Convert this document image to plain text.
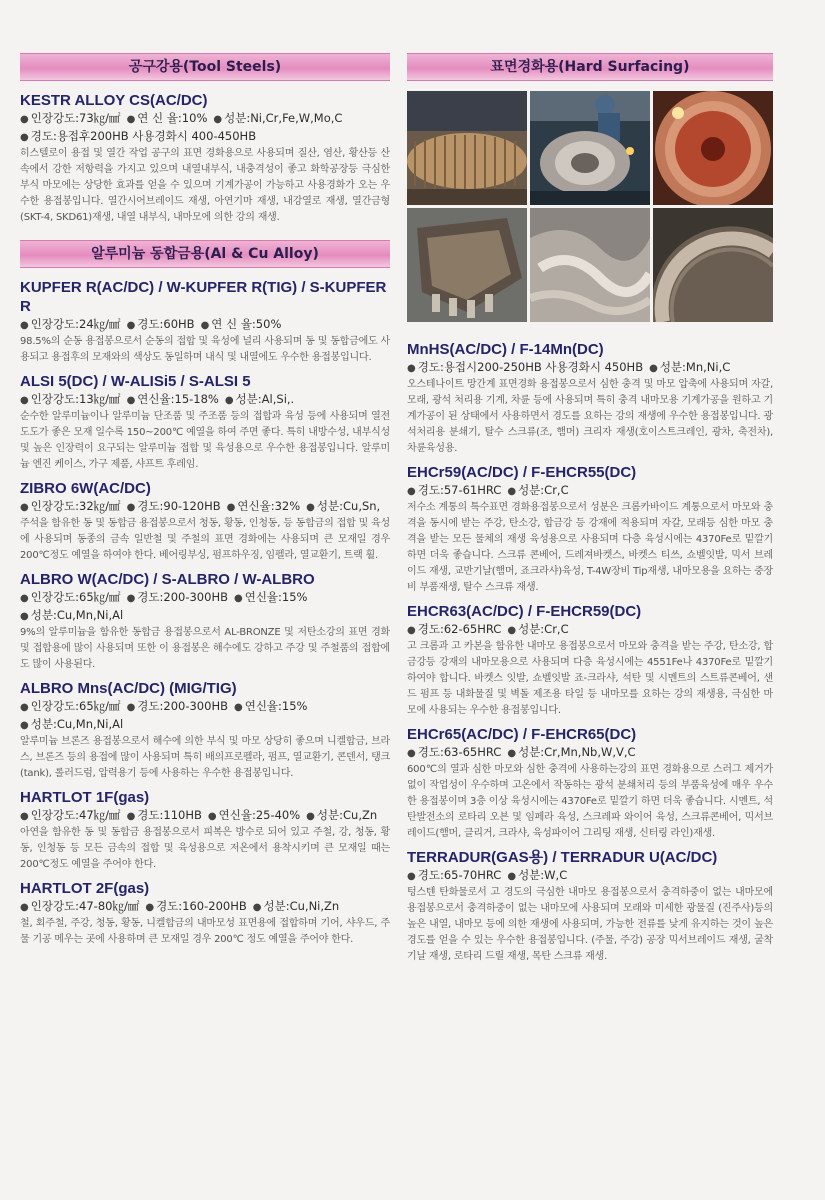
공구강용(Tool Steels)
KESTR ALLOY CS(AC/DC)
● 인장강도:73㎏/㎟ ● 연 신 율:10% ● 성분:Ni,Cr,Fe,W,Mo,C
● 경도:용접후200HB 사용경화시 400-450HB
히스텔로이 용접 및 열간 작업 공구의 표면 경화용으로 사용되며 질산, 염산, 황산등 산속에서 강한 저항력을 가지고 있으며 내열내부식, 내충격성이 좋고 화학공장등 극심한 부식 마모에는 상당한 효과를 얻을 수 있으며 기계가공이 가능하고 사용경화가 오는 우수한 용접봉입니다. 열간시어브레이드 재생, 아연기마 재생, 내강열로 재생, 열간금형(SKT-4, SKD61)재생, 내열 내부식, 내마모에 의한 강의 재생.
알루미늄 동합금용(Al & Cu Alloy)
KUPFER R(AC/DC) / W-KUPFER R(TIG) / S-KUPFER R
● 인장강도:24㎏/㎟ ● 경도:60HB ● 연 신 율:50%
98.5%의 순동 용접봉으로서 순동의 접합 및 육성에 널리 사용되며 동 및 동합금에도 사용되고 용접후의 모재와의 색상도 동일하며 내식 및 내열에도 우수한 용접봉입니다.
ALSI 5(DC) / W-ALISi5 / S-ALSI 5
● 인장강도:13㎏/㎟ ● 연신율:15-18% ● 성분:Al,Si,.
순수한 알루미늄이나 알루미늄 단조품 및 주조품 등의 접합과 육성 등에 사용되며 열전도도가 좋은 모재 일수록 150~200℃ 예열을 하여 주면 좋다. 특히 내방수성, 내부식성 및 높은 인장력이 요구되는 알루미늄 접합 및 육성용으로 우수한 용접봉입니다. 알루미늄 엔진 케이스, 가구 제품, 샤프트 후레임.
ZIBRO 6W(AC/DC)
● 인장강도:32㎏/㎟ ● 경도:90-120HB ● 연신율:32% ● 성분:Cu,Sn,
주석을 함유한 동 및 동합금 용접봉으로서 청동, 황동, 인청동, 등 동합금의 접합 및 육성에 사용되며 동종의 금속 일반철 및 주철의 표면 경화에는 사용되며 큰 모재일 경우 200℃정도 예열을 하여야 한다. 베어링부싱, 펌프하우징, 임펠라, 열교환기, 트랙 휠.
ALBRO W(AC/DC) / S-ALBRO / W-ALBRO
● 인장강도:65㎏/㎟ ● 경도:200-300HB ● 연신율:15%
● 성분:Cu,Mn,Ni,Al
9%의 알루미늄을 함유한 동합금 용접봉으로서 AL-BRONZE 및 저탄소강의 표면 경화 및 접합용에 많이 사용되며 또한 이 용접봉은 해수에도 강하고 주강 및 주철품의 접합에도 많이 사용된다.
ALBRO Mns(AC/DC) (MIG/TIG)
● 인장강도:65㎏/㎟ ● 경도:200-300HB ● 연신율:15%
● 성분:Cu,Mn,Ni,Al
알루미늄 브론즈 용접봉으로서 해수에 의한 부식 및 마모 상당히 좋으며 니켈합금, 브라스, 브론즈 등의 용접에 많이 사용되며 특히 배의프로펠라, 펌프, 열교환기, 콘덴서, 탱크(tank), 롤러드럼, 압력용기 등에 사용하는 우수한 용접봉입니다.
HARTLOT 1F(gas)
● 인장강도:47㎏/㎟ ● 경도:110HB ● 연신율:25-40% ● 성분:Cu,Zn
아연을 함유한 동 및 동합금 용접봉으로서 피복은 방수로 되어 있고 주철, 강, 청동, 황동, 인청동 등 모든 금속의 접합 및 육성용으로 저온에서 용착시키며 큰 모재일 때는 200℃정도 예열을 주어야 한다.
HARTLOT 2F(gas)
● 인장강도:47-80㎏/㎟ ● 경도:160-200HB ● 성분:Cu,Ni,Zn
철, 회주철, 주강, 청동, 황동, 니켈합금의 내마모성 표면용에 접합하며 기어, 샤우드, 주물 기공 메우는 곳에 사용하며 큰 모재일 경우 200℃ 정도 예열을 주어야 한다.
표면경화용(Hard Surfacing)
MnHS(AC/DC) / F-14Mn(DC)
● 경도:용접시200-250HB 사용경화시 450HB ● 성분:Mn,Ni,C
오스테나이트 망간계 표면경화 용접봉으로서 심한 충격 및 마모 압축에 사용되며 자갈, 모래, 광석 처리용 기계, 차륜 등에 사용되며 특히 충격 내마모용 기계가공을 원하고 기계가공이 된 상태에서 사용하면서 경도를 요하는 강의 재생에 우수한 용접봉입니다. 광석처리용 분쇄기, 탈수 스크류(조, 햄머) 크리자 재생(호이스트크레인, 광차, 축전차), 차륜육성용.
EHCr59(AC/DC) / F-EHCR55(DC)
● 경도:57-61HRC ● 성분:Cr,C
저수소 계통의 특수표면 경화용접봉으로서 성분은 크롬카바이드 계통으로서 마모와 충격을 동시에 받는 주강, 탄소강, 합금강 등 강재에 적용되며 자갈, 모래등 심한 마모 충격을 받는 모든 물체의 재생 육성용으로 사용되며 다층 육성시에는 4370Fe로 밑깔기하면 더욱 좋습니다. 스크류 콘베어, 드레져바켓스, 바켓스 티쓰, 쇼벨잇발, 믹서 브레이드 재생, 교반기날(햄머, 죠크라샤)육성, T-4W장비 Tip재생, 내마모용을 요하는 중장비 부품재생, 탈수 스크류 재생.
EHCR63(AC/DC) / F-EHCR59(DC)
● 경도:62-65HRC ● 성분:Cr,C
고 크롬과 고 카본을 함유한 내마모 용접봉으로서 마모와 충격을 받는 주강, 탄소강, 합금강등 강재의 내마모용으로 사용되며 다층 육성시에는 4551Fe나 4370Fe로 밑깔기 하여야 합니다. 바켓스 잇발, 쇼벨잇발 죠-크라샤, 석탄 및 시멘트의 스트류콘베어, 샌드 펌프 등 내화물질 및 벽돌 제조용 타일 등 내마모를 요하는 강의 재생용, 극심한 마모에 사용되는 우수한 용접봉입니다.
EHCr65(AC/DC) / F-EHCR65(DC)
● 경도:63-65HRC ● 성분:Cr,Mn,Nb,W,V,C
600℃의 열과 심한 마모와 심한 충격에 사용하는강의 표면 경화용으로 스러그 제거가 없이 작업성이 우수하며 고온에서 작동하는 광석 분쇄처리 등의 부품육성에 매우 우수한 용접봉이며 3층 이상 육성시에는 4370Fe로 밑깔기 하면 더욱 좋습니다. 시멘트, 석탄발전소의 로타리 오븐 및 임페라 육성, 스크레파 와이어 육성, 스크류콘베어, 믹서브레이드(햄머, 클리거, 크라샤, 육성파이어 그리팅 재생, 신터링 라인)재생.
TERRADUR(GAS용) / TERRADUR U(AC/DC)
● 경도:65-70HRC ● 성분:W,C
텅스텐 탄화물로서 고 경도의 극심한 내마모 용접봉으로서 충격하중이 없는 내마모에 용접봉으로서 충격하중이 없는 내마모에 사용되며 모래와 미세한 광물질 (진주사)등의 높은 내열, 내마모 등에 의한 재생에 사용되며, 가능한 전류를 낮게 유지하는 것이 높은 경도를 얻을 수 있는 우수한 용접봉입니다. (주물, 주강) 공장 믹서브레이드 재생, 굴착기날 재생, 로타리 드릴 재생, 목탄 스크류 재생.
